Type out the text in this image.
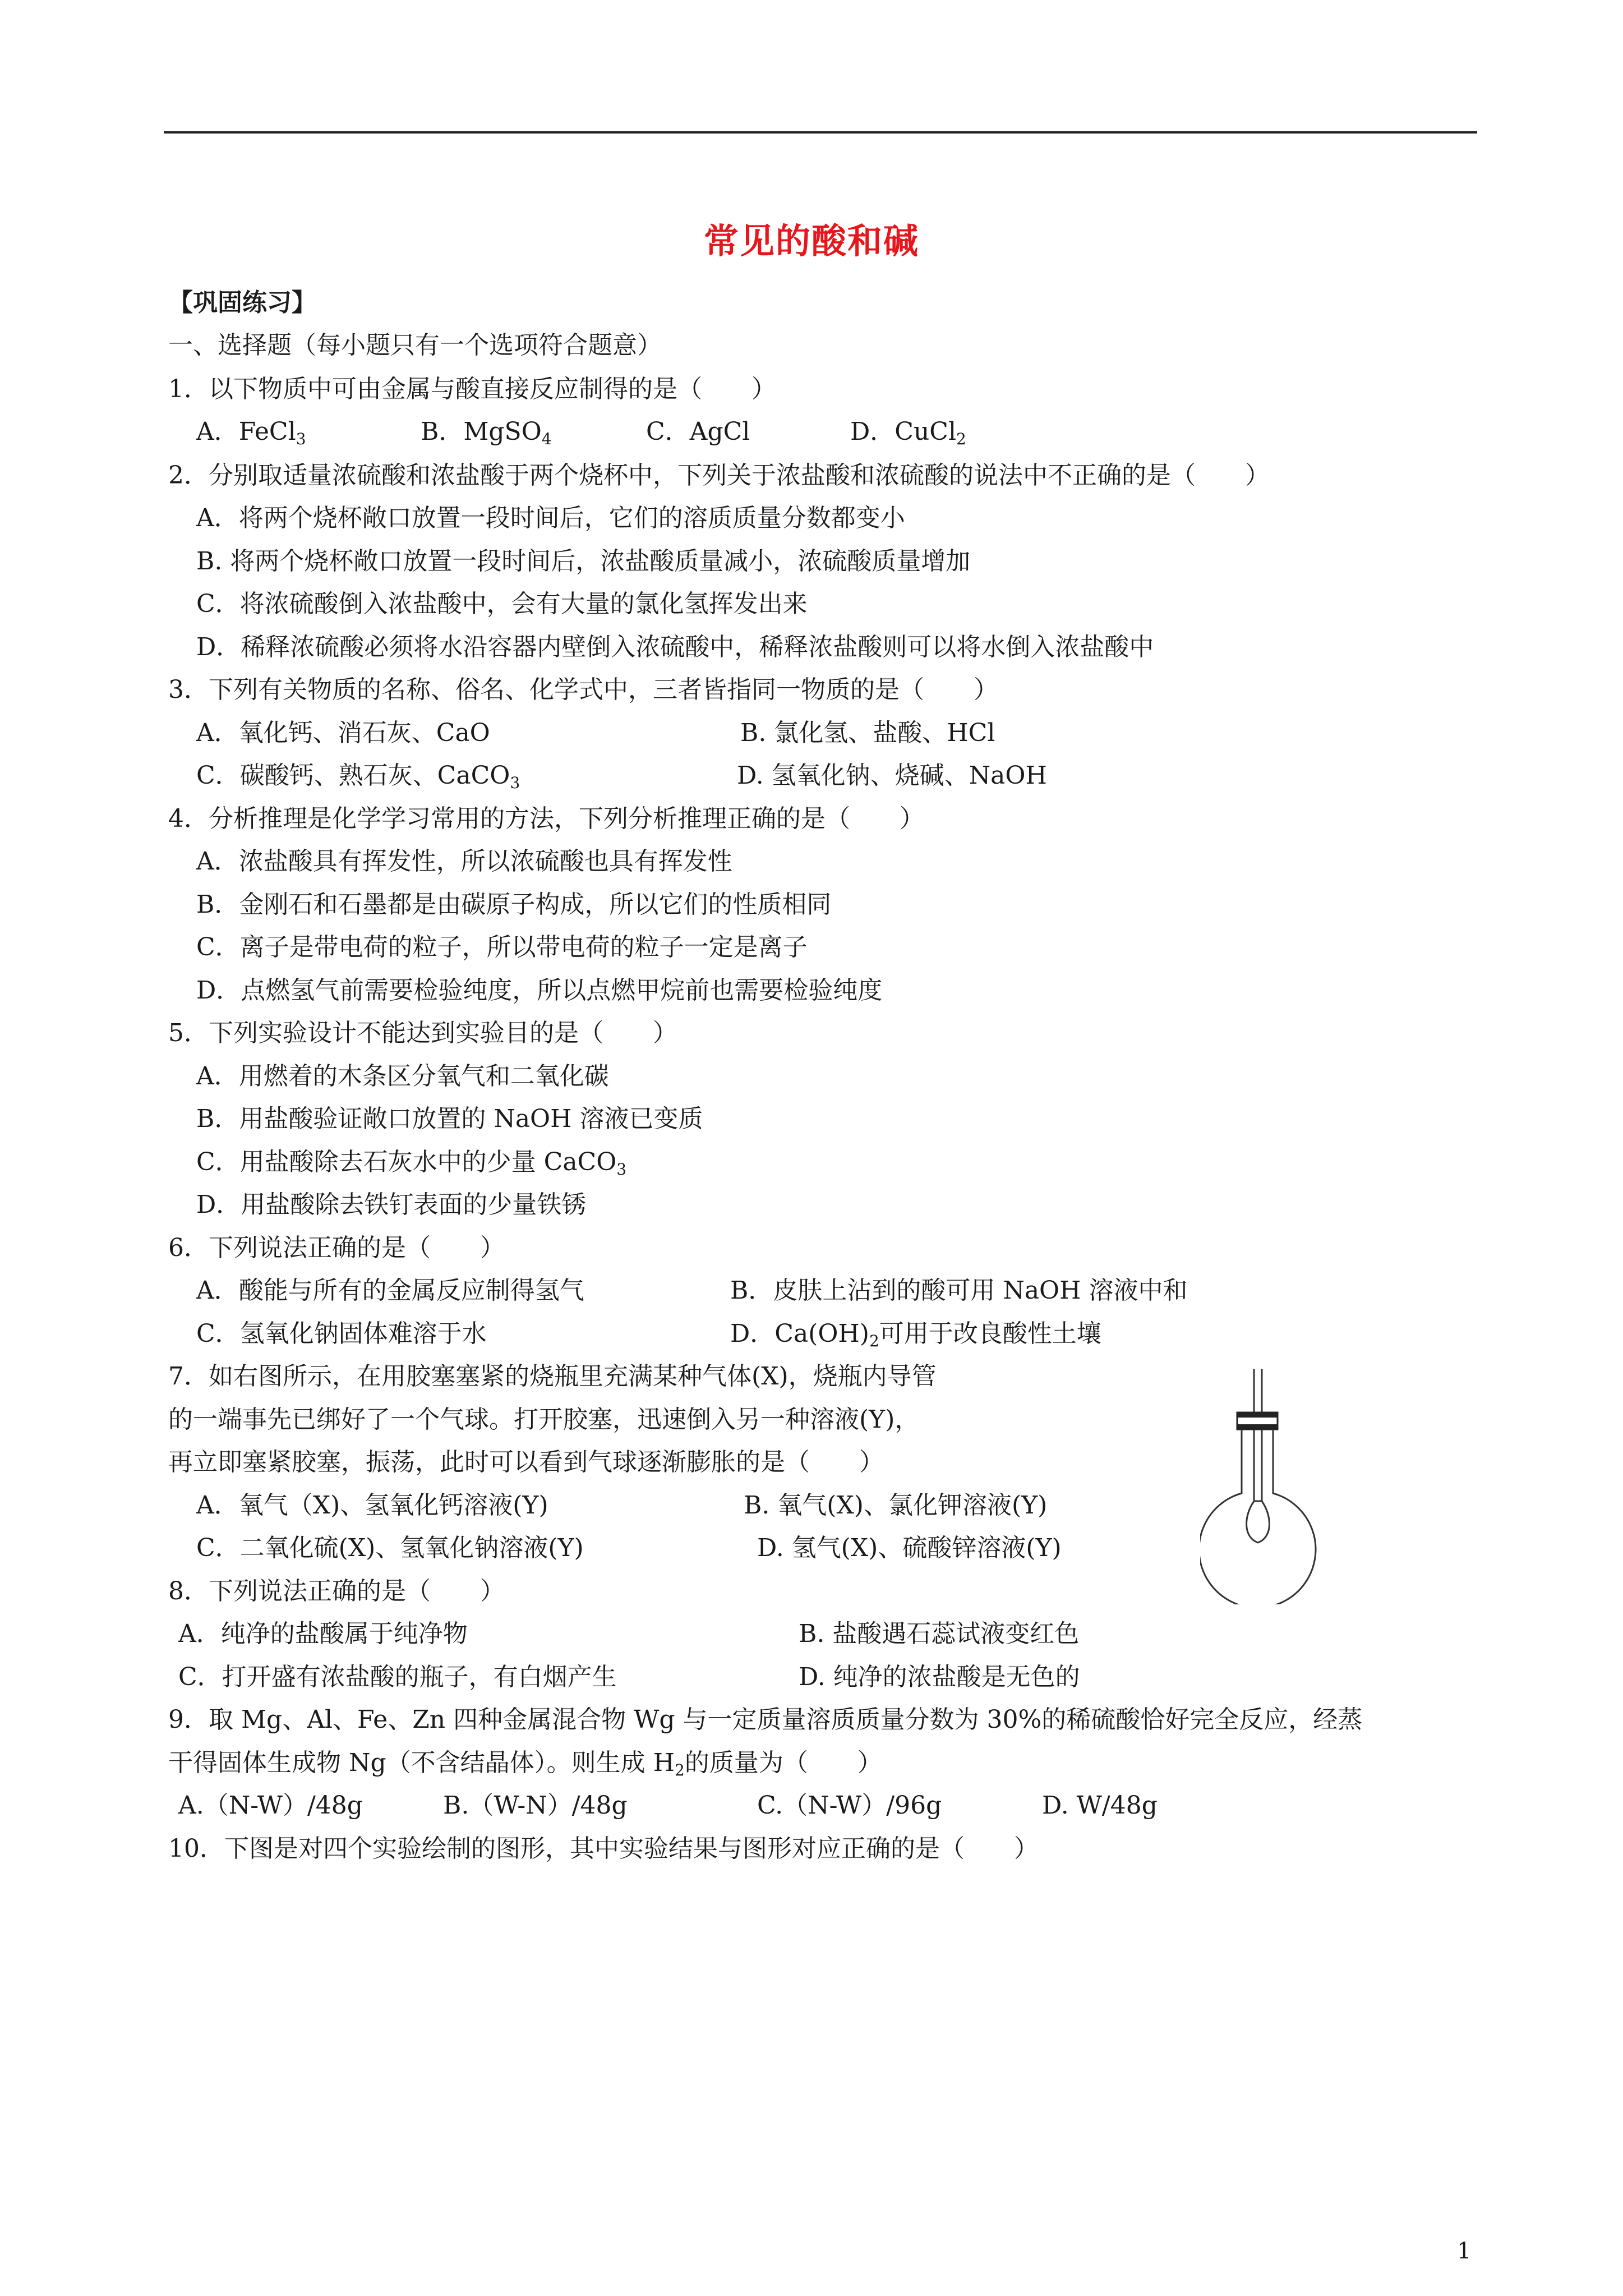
常见的酸和碱
【巩固练习】
一、选择题（每小题只有一个选项符合题意）
1．以下物质中可由金属与酸直接反应制得的是（　　）
A．FeCl$_3$	B．MgSO$_4$	C．AgCl	D．CuCl$_2$
2．分别取适量浓硫酸和浓盐酸于两个烧杯中，下列关于浓盐酸和浓硫酸的说法中不正确的是（　　）
A．将两个烧杯敞口放置一段时间后，它们的溶质质量分数都变小
B. 将两个烧杯敞口放置一段时间后，浓盐酸质量减小，浓硫酸质量增加
C．将浓硫酸倒入浓盐酸中，会有大量的氯化氢挥发出来
D．稀释浓硫酸必须将水沿容器内壁倒入浓硫酸中，稀释浓盐酸则可以将水倒入浓盐酸中
3．下列有关物质的名称、俗名、化学式中，三者皆指同一物质的是（　　）
A．氧化钙、消石灰、CaO	B. 氯化氢、盐酸、HCl
C．碳酸钙、熟石灰、CaCO$_3$	D. 氢氧化钠、烧碱、NaOH
4．分析推理是化学学习常用的方法，下列分析推理正确的是（　　）
A．浓盐酸具有挥发性，所以浓硫酸也具有挥发性
B．金刚石和石墨都是由碳原子构成，所以它们的性质相同
C．离子是带电荷的粒子，所以带电荷的粒子一定是离子
D．点燃氢气前需要检验纯度，所以点燃甲烷前也需要检验纯度
5．下列实验设计不能达到实验目的是（　　）
A．用燃着的木条区分氧气和二氧化碳
B．用盐酸验证敞口放置的 NaOH 溶液已变质
C．用盐酸除去石灰水中的少量 CaCO$_3$
D．用盐酸除去铁钉表面的少量铁锈
6．下列说法正确的是（　　）
A．酸能与所有的金属反应制得氢气	B．皮肤上沾到的酸可用 NaOH 溶液中和
C．氢氧化钠固体难溶于水	D．$Ca(OH)_2$可用于改良酸性土壤
7．如右图所示，在用胶塞塞紧的烧瓶里充满某种气体(X)，烧瓶内导管
的一端事先已绑好了一个气球。打开胶塞，迅速倒入另一种溶液(Y)，
再立即塞紧胶塞，振荡，此时可以看到气球逐渐膨胀的是（　　）
A．氧气（X)、氢氧化钙溶液(Y)	B. 氧气(X)、氯化钾溶液(Y)
C．二氧化硫(X)、氢氧化钠溶液(Y)	D. 氢气(X)、硫酸锌溶液(Y)
8．下列说法正确的是（　　）
A．纯净的盐酸属于纯净物	B. 盐酸遇石蕊试液变红色
C．打开盛有浓盐酸的瓶子，有白烟产生	D. 纯净的浓盐酸是无色的
9．取 Mg、Al、Fe、Zn 四种金属混合物 Wg 与一定质量溶质质量分数为 30%的稀硫酸恰好完全反应，经蒸
干得固体生成物 Ng（不含结晶体）。则生成 $H_2$的质量为（　　）
A.（N-W）/48g	B.（W-N）/48g	C.（N-W）/96g	D. W/48g
10．下图是对四个实验绘制的图形，其中实验结果与图形对应正确的是（　　）
1
